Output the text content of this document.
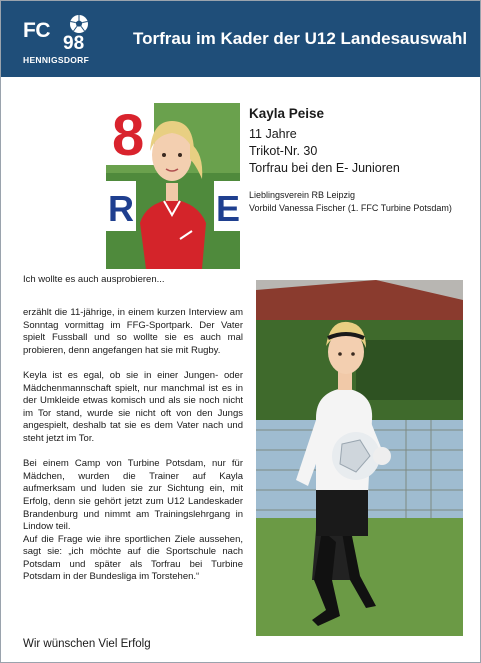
FC
98
HENNIGSDORF
Torfrau im Kader der U12 Landesauswahl
8
R E
Kayla Peise
11 Jahre
Trikot-Nr. 30
Torfrau bei den E- Junioren
Lieblingsverein RB Leipzig
Vorbild Vanessa Fischer (1. FFC Turbine Potsdam)
Ich wollte es auch ausprobieren...

erzählt die 11-jährige, in einem kurzen Interview am Sonntag vormittag im FFG-Sportpark. Der Vater spielt Fussball und so wollte sie es auch mal probieren, denn angefangen hat sie mit Rugby.

Keyla ist es egal, ob sie in einer Jungen- oder Mädchenmannschaft spielt, nur manchmal ist es in der Umkleide etwas komisch und als sie noch nicht im Tor stand, wurde sie nicht oft von den Jungs angespielt, deshalb tat sie es dem Vater nach und steht jetzt im Tor.

Bei einem Camp von Turbine Potsdam, nur für Mädchen, wurden die Trainer auf Kayla aufmerksam und luden sie zur Sichtung ein, mit Erfolg, denn sie gehört jetzt zum U12 Landeskader Brandenburg und nimmt am Trainingslehrgang in Lindow teil.

Auf die Frage wie ihre sportlichen Ziele aussehen, sagt sie: „ich möchte auf die Sportschule nach Potsdam und später als Torfrau bei Turbine Potsdam in der Bundesliga im Torstehen.“

Wir wünschen Viel Erfolg
